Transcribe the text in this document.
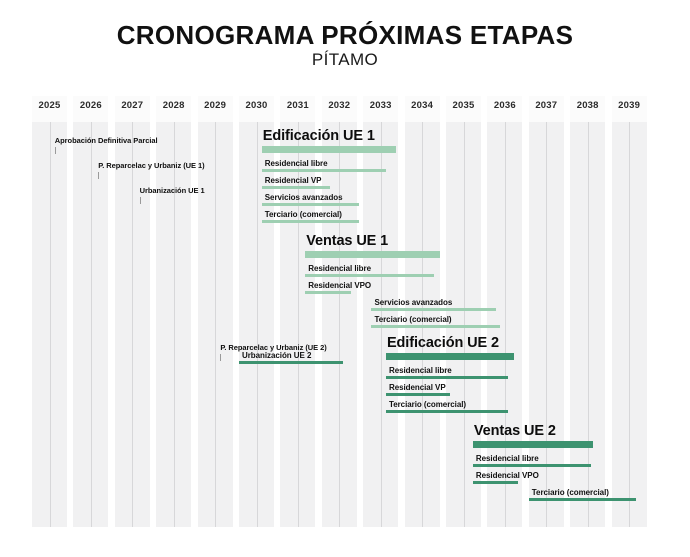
CRONOGRAMA PRÓXIMAS ETAPAS
PÍTAMO
2025	2026	2027	2028	2029	2030	2031	2032	2033	2034	2035	2036	2037	2038	2039
Aprobación Definitiva Parcial
P. Reparcelac y Urbaniz (UE 1)
Urbanización UE 1
P. Reparcelac y Urbaniz (UE 2)
Urbanización UE 2
Edificación UE 1
Residencial libre
Residencial VP
Servicios avanzados
Terciario (comercial)
Ventas UE 1
Residencial libre
Residencial VPO
Servicios avanzados
Terciario (comercial)
Edificación UE 2
Residencial libre
Residencial VP
Terciario (comercial)
Ventas UE 2
Residencial libre
Residencial VPO
Terciario (comercial)
